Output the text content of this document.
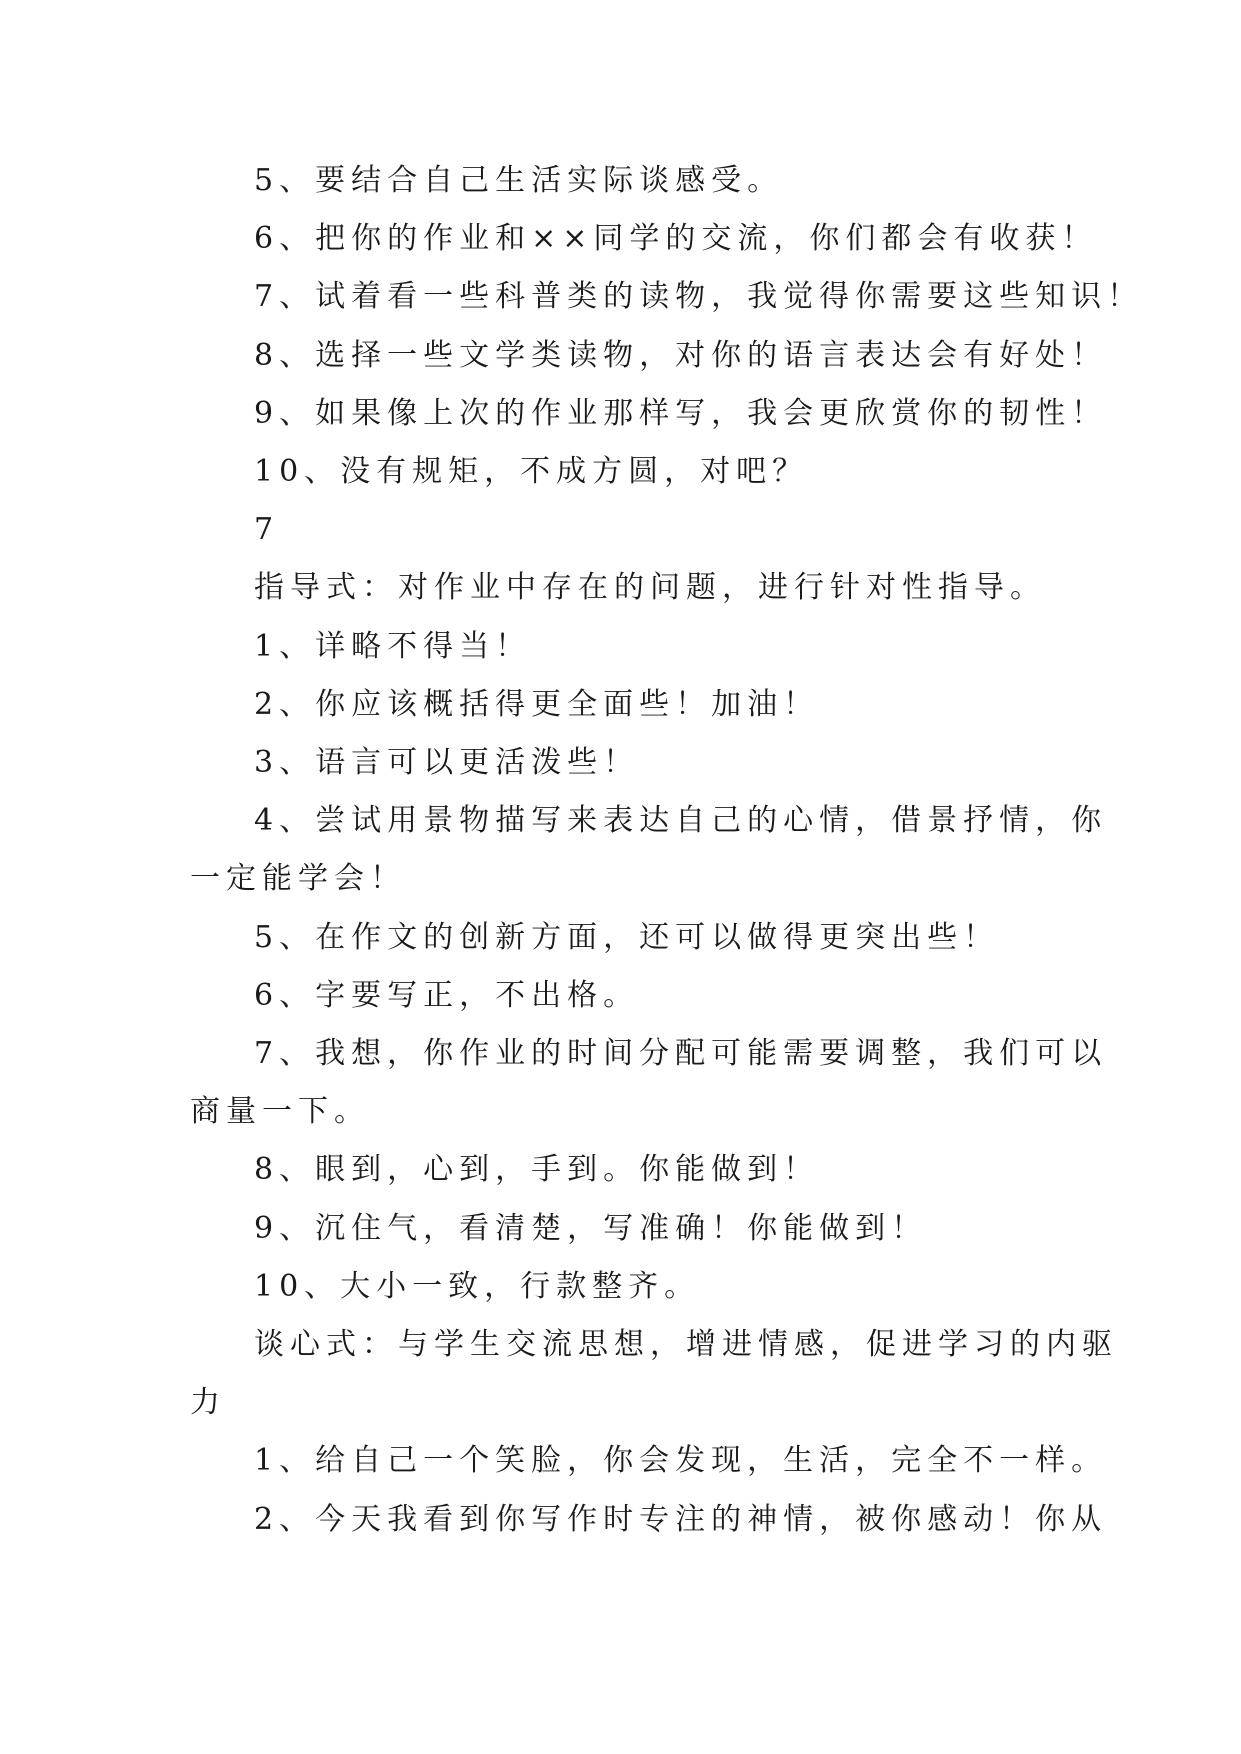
5、要结合自己生活实际谈感受。

6、把你的作业和××同学的交流，你们都会有收获！

7、试着看一些科普类的读物，我觉得你需要这些知识！

8、选择一些文学类读物，对你的语言表达会有好处！

9、如果像上次的作业那样写，我会更欣赏你的韧性！

10、没有规矩，不成方圆，对吧？

7

指导式：对作业中存在的问题，进行针对性指导。

1、详略不得当！

2、你应该概括得更全面些！加油！

3、语言可以更活泼些！

4、尝试用景物描写来表达自己的心情，借景抒情，你

一定能学会！

5、在作文的创新方面，还可以做得更突出些！

6、字要写正，不出格。

7、我想，你作业的时间分配可能需要调整，我们可以

商量一下。

8、眼到，心到，手到。你能做到！

9、沉住气，看清楚，写准确！你能做到！

10、大小一致，行款整齐。

谈心式：与学生交流思想，增进情感，促进学习的内驱

力

1、给自己一个笑脸，你会发现，生活，完全不一样。

2、今天我看到你写作时专注的神情，被你感动！你从
